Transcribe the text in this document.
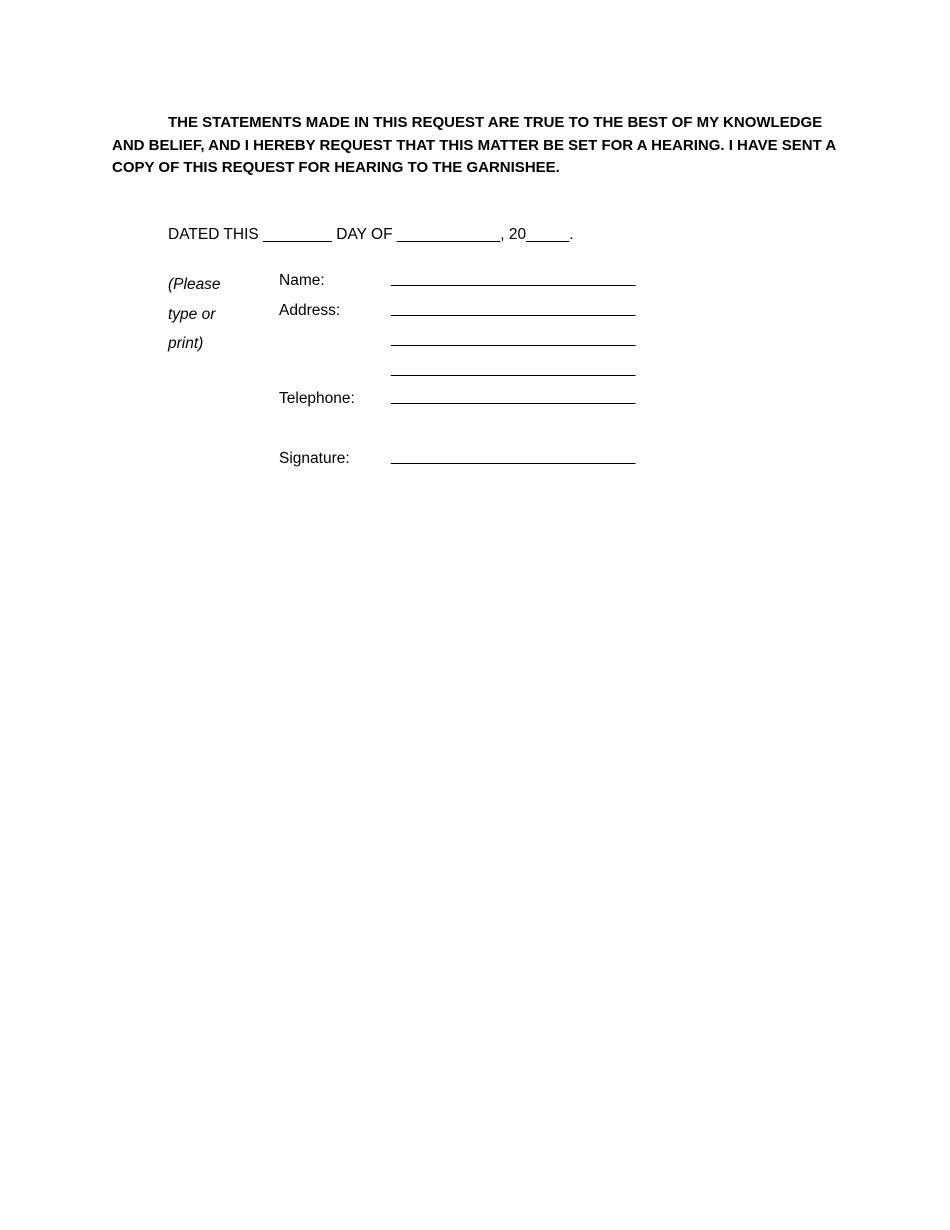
THE STATEMENTS MADE IN THIS REQUEST ARE TRUE TO THE BEST OF MY KNOWLEDGE AND BELIEF, AND I HEREBY REQUEST THAT THIS MATTER BE SET FOR A HEARING. I HAVE SENT A COPY OF THIS REQUEST FOR HEARING TO THE GARNISHEE.

DATED THIS ________ DAY OF ____________, 20_____.
(Please
type or
print)
Name:	_____________________________
Address:	_____________________________
_____________________________
_____________________________
Telephone: _____________________________
Signature:	_____________________________
